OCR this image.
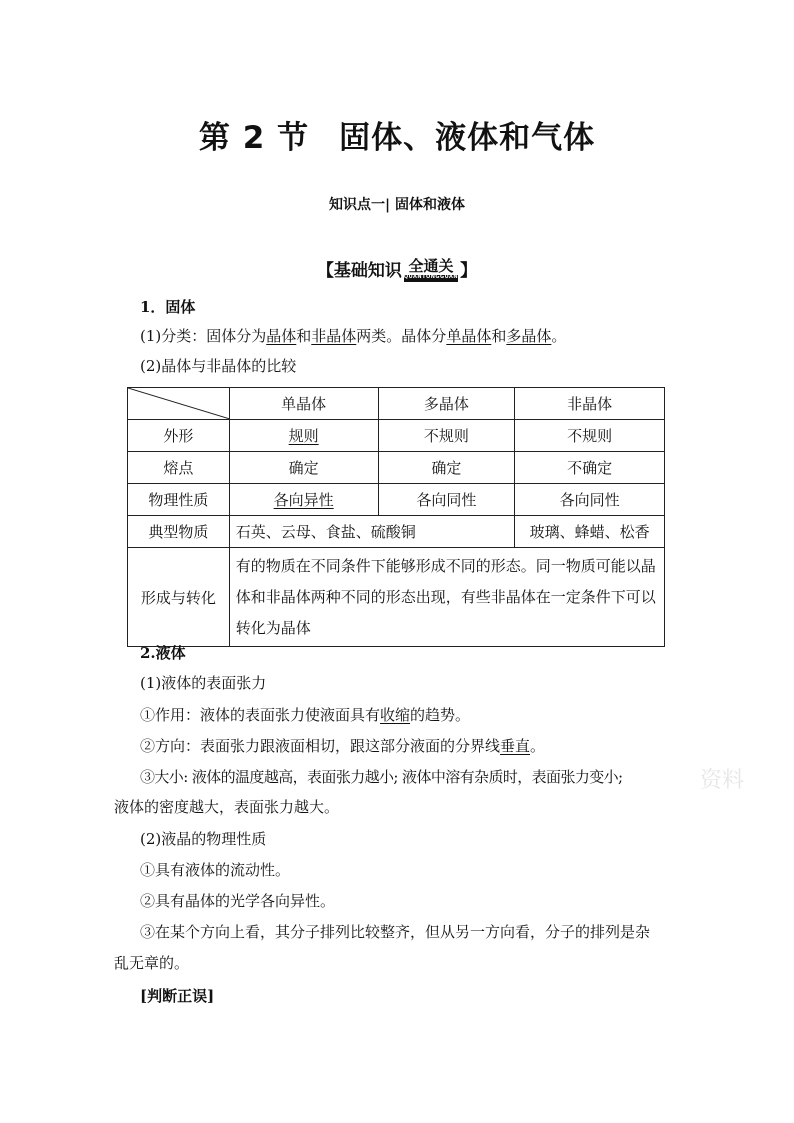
第 2 节 固体、液体和气体
知识点一| 固体和液体
【基础知识 全通关
QUANTONGGUAN 】
1．固体
(1)分类：固体分为晶体和非晶体两类。晶体分单晶体和多晶体。
(2)晶体与非晶体的比较
	单晶体	多晶体	非晶体
外形	规则	不规则	不规则
熔点	确定	确定	不确定
物理性质	各向异性	各向同性	各向同性
典型物质	石英、云母、食盐、硫酸铜		玻璃、蜂蜡、松香
形成与转化	有的物质在不同条件下能够形成不同的形态。同一物质可能以晶体和非晶体两种不同的形态出现，有些非晶体在一定条件下可以转化为晶体		
2.液体
(1)液体的表面张力
①作用：液体的表面张力使液面具有收缩的趋势。
②方向：表面张力跟液面相切，跟这部分液面的分界线垂直。
③大小: 液体的温度越高，表面张力越小; 液体中溶有杂质时，表面张力变小;
液体的密度越大，表面张力越大。
(2)液晶的物理性质
①具有液体的流动性。
②具有晶体的光学各向异性。
③在某个方向上看，其分子排列比较整齐，但从另一方向看，分子的排列是杂
乱无章的。
[判断正误]
资料
